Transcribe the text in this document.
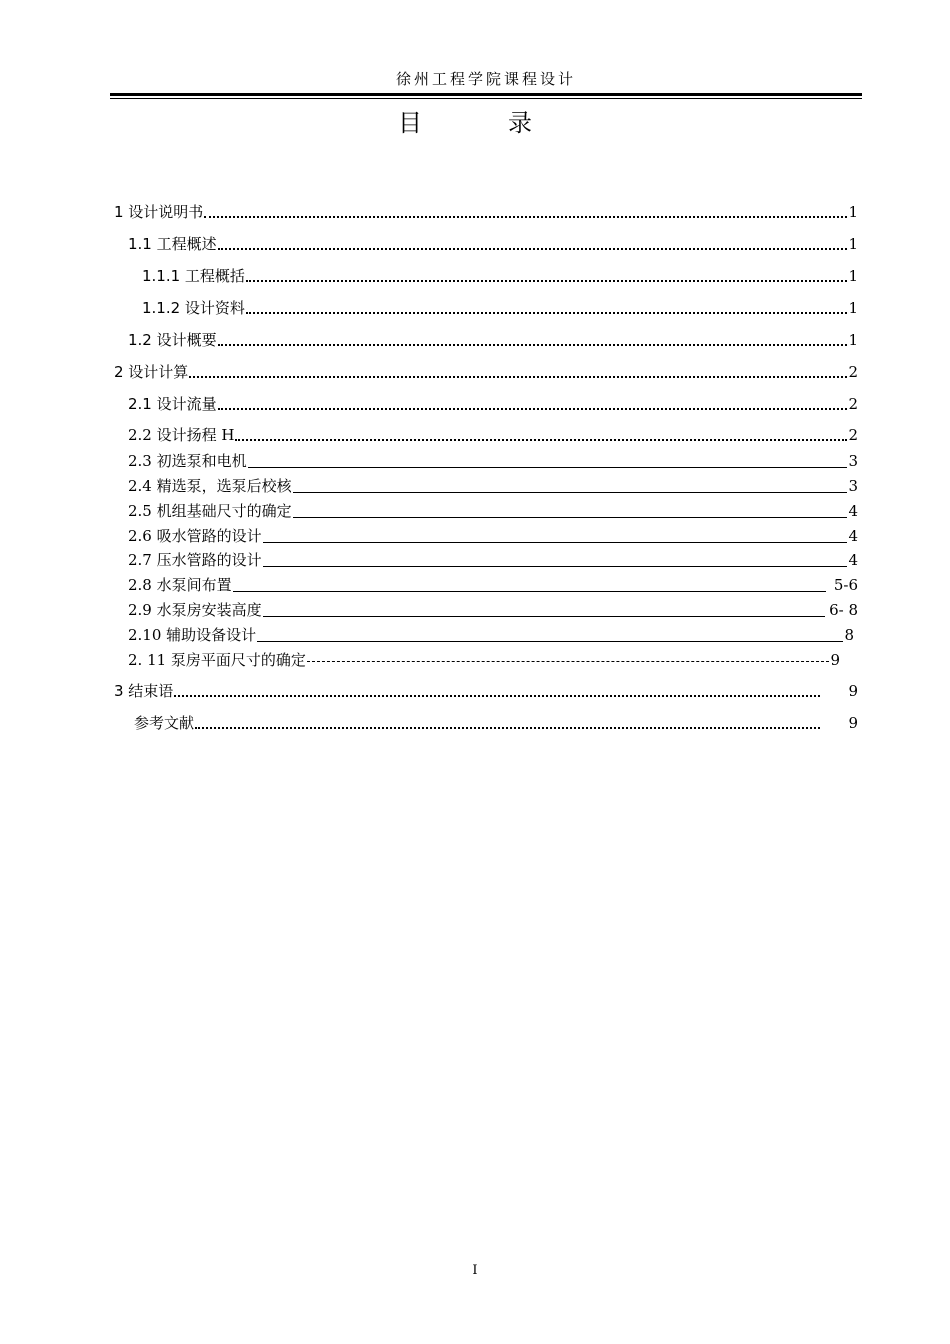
徐州工程学院课程设计
目	录
1 设计说明书	1
1.1 工程概述	1
1.1.1 工程概括	1
1.1.2 设计资料	1
1.2 设计概要	1
2 设计计算	2
2.1 设计流量	2
2.2 设计扬程 H	2
2.3 初选泵和电机	3
2.4 精选泵，选泵后校核	3
2.5 机组基础尺寸的确定	4
2.6 吸水管路的设计	4
2.7 压水管路的设计	4
2.8 水泵间布置	5-6
2.9 水泵房安装高度	6- 8
2.10 辅助设备设计	8
2. 11 泵房平面尺寸的确定	9
3 结束语	9
参考文献	9
I
